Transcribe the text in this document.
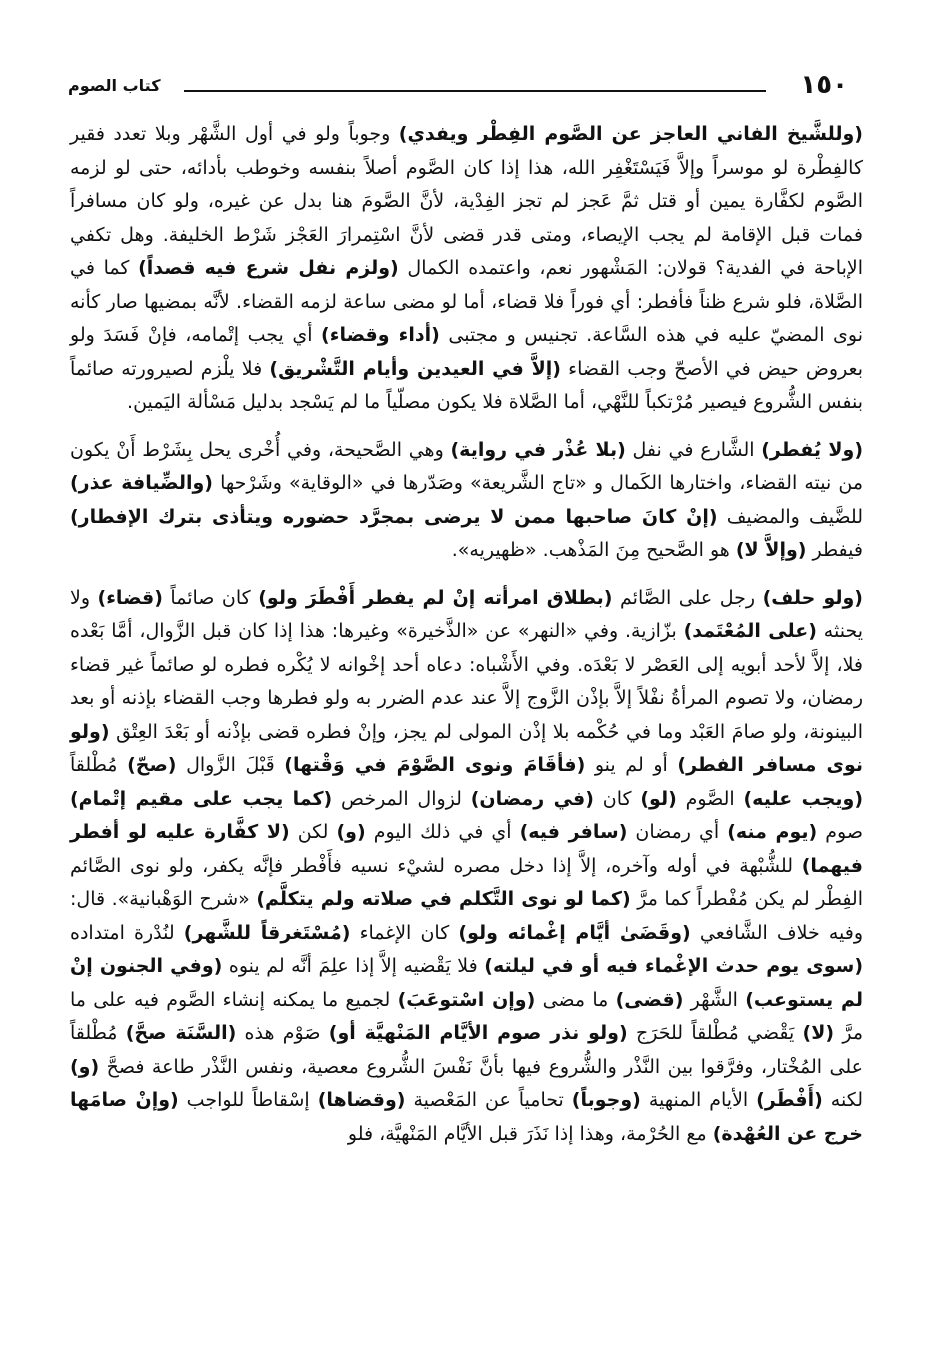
١٥٠
كتاب الصوم

(وللشَّيخ الفاني العاجز عن الصَّوم الفِطْر ويفدي) وجوباً ولو في أول الشَّهْر وبلا تعدد فقير كالفِطْرة لو موسراً وإلاَّ فَيَسْتَغْفِر الله، هذا إذا كان الصَّوم أصلاً بنفسه وخوطب بأدائه، حتى لو لزمه الصَّوم لكفَّارة يمين أو قتل ثمَّ عَجز لم تجز الفِدْية، لأنَّ الصَّومَ هنا بدل عن غيره، ولو كان مسافراً فمات قبل الإقامة لم يجب الإيصاء، ومتى قدر قضى لأنَّ اسْتِمرارَ العَجْز شَرْط الخليفة. وهل تكفي الإباحة في الفدية؟ قولان: المَشْهور نعم، واعتمده الكمال (ولزم نفل شرع فيه قصداً) كما في الصَّلاة، فلو شرع ظناً فأفطر: أي فوراً فلا قضاء، أما لو مضى ساعة لزمه القضاء. لأنَّه بمضيها صار كأنه نوى المضيّ عليه في هذه السَّاعة. تجنيس و مجتبى (أداء وقضاء) أي يجب إتْمامه، فإنْ فَسَدَ ولو بعروض حيض في الأصحّ وجب القضاء (إلاَّ في العيدين وأيام التَّشْريق) فلا يلْزم لصيرورته صائماً بنفس الشُّروع فيصير مُرْتكباً للنَّهْي، أما الصَّلاة فلا يكون مصلّياً ما لم يَسْجد بدليل مَسْألة اليَمين.

(ولا يُفطر) الشَّارع في نفل (بلا عُذْر في رواية) وهي الصَّحيحة، وفي أُخْرى يحل بِشَرْط أَنْ يكون من نيته القضاء، واختارها الكَمال و «تاج الشَّريعة» وصَدّرها في «الوقاية» وشَرْحها (والضِّيافة عذر) للضَّيف والمضيف (إنْ كانَ صاحبها ممن لا يرضى بمجرَّد حضوره ويتأذى بترك الإفطار) فيفطر (وإلاَّ لا) هو الصَّحيح مِنَ المَذْهب. «ظهيريه».

(ولو حلف) رجل على الصَّائم (بطلاق امرأته إنْ لم يفطر أَفْطَرَ ولو) كان صائماً (قضاء) ولا يحنثه (على المُعْتَمد) بزّازية. وفي «النهر» عن «الذَّخيرة» وغيرها: هذا إذا كان قبل الزَّوال، أمَّا بَعْده فلا، إلاَّ لأحد أبويه إلى العَصْر لا بَعْدَه. وفي الأَشْباه: دعاه أحد إخْوانه لا يُكْره فطره لو صائماً غير قضاء رمضان، ولا تصوم المرأةُ نفْلاً إلاَّ بإذْن الزَّوج إلاَّ عند عدم الضرر به ولو فطرها وجب القضاء بإذنه أو بعد البينونة، ولو صامَ العَبْد وما في حُكْمه بلا إذْن المولى لم يجز، وإنْ فطره قضى بإذْنه أو بَعْدَ العِتْق (ولو نوى مسافر الفطر) أو لم ينو (فأقَامَ ونوى الصَّوْمَ في وَقْتها) قَبْلَ الزَّوال (صحّ) مُطْلقاً (ويجب عليه) الصَّوم (لو) كان (في رمضان) لزوال المرخص (كما يجب على مقيم إتْمام) صوم (يوم منه) أي رمضان (سافر فيه) أي في ذلك اليوم (و) لكن (لا كفَّارة عليه لو أفطر فيهما) للشُّبْهة في أوله وآخره، إلاَّ إذا دخل مصره لشيْء نسيه فأَفْطر فإنَّه يكفر، ولو نوى الصَّائم الفِطْر لم يكن مُفْطراً كما مرَّ (كما لو نوى التَّكلم في صلاته ولم يتكلَّم) «شرح الوَهْبانية». قال: وفيه خلاف الشَّافعي (وقَضَىٰ أيَّام إغْمائه ولو) كان الإغماء (مُسْتَغرقاً للشَّهر) لنُدْرة امتداده (سوى يوم حدث الإغْماء فيه أو في ليلته) فلا يَقْضيه إلاَّ إذا علِمَ أنَّه لم ينوه (وفي الجنون إنْ لم يستوعب) الشَّهْر (قضى) ما مضى (وإن اسْتوعَبَ) لجميع ما يمكنه إنشاء الصَّوم فيه على ما مرَّ (لا) يَقْضي مُطْلقاً للحَرَج (ولو نذر صوم الأيَّام المَنْهيَّة أو) صَوْم هذه (السَّنَة صحَّ) مُطْلقاً على المُخْتار، وفرَّقوا بين النَّذْر والشُّروع فيها بأنَّ نَفْسَ الشُّروع معصية، ونفس النَّذْر طاعة فصحَّ (و) لكنه (أَفْطَر) الأيام المنهية (وجوباً) تحامياً عن المَعْصية (وقضاها) إسْقاطاً للواجب (وإنْ صامَها خرج عن العُهْدة) مع الحُرْمة، وهذا إذا نَذَرَ قبل الأيَّام المَنْهيَّة، فلو
